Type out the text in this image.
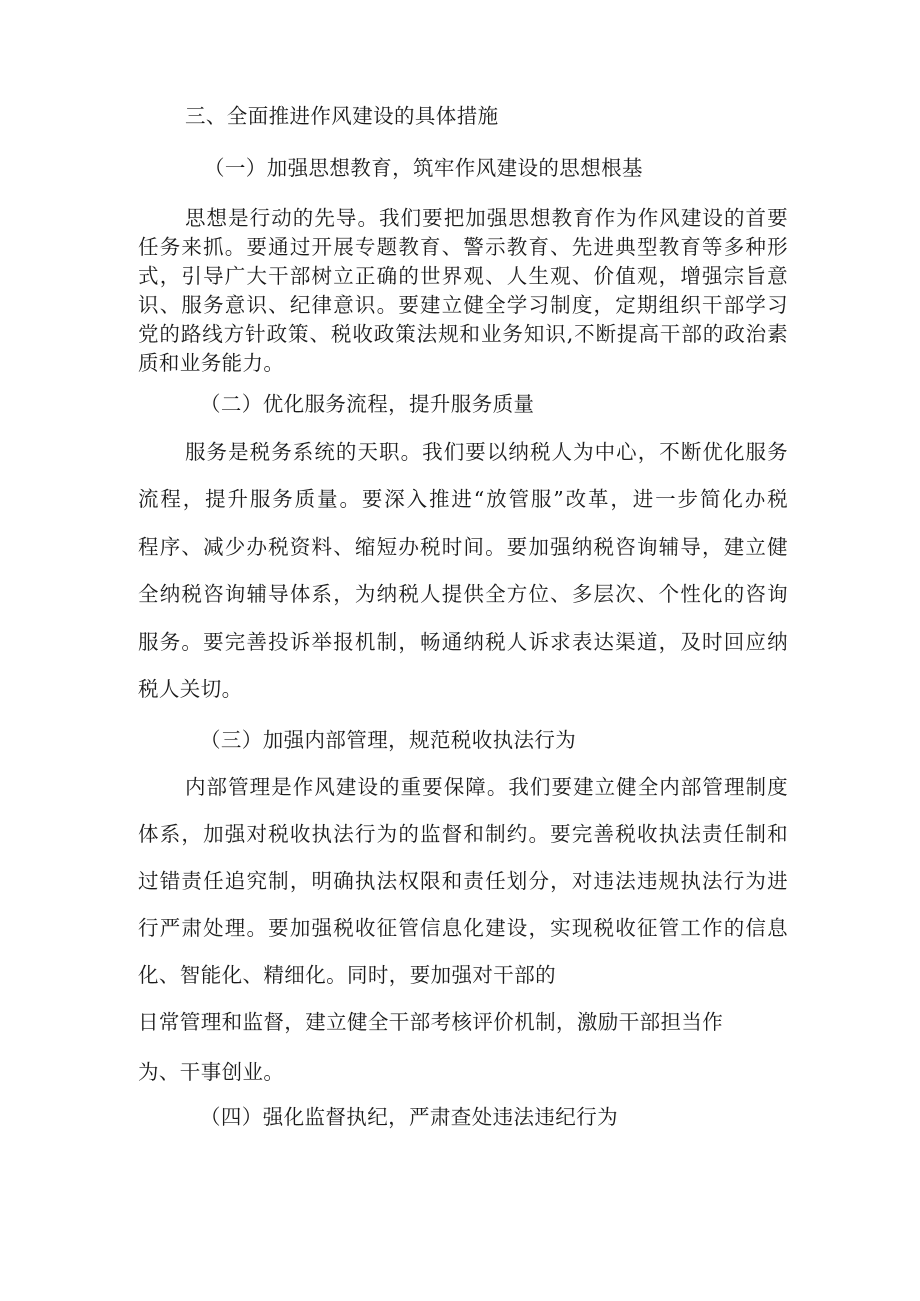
三、全面推进作风建设的具体措施

（一）加强思想教育，筑牢作风建设的思想根基

思想是行动的先导。我们要把加强思想教育作为作风建设的首要

任务来抓。要通过开展专题教育、警示教育、先进典型教育等多种形

式，引导广大干部树立正确的世界观、人生观、价值观，增强宗旨意

识、服务意识、纪律意识。要建立健全学习制度，定期组织干部学习

党的路线方针政策、税收政策法规和业务知识,不断提高干部的政治素

质和业务能力。

（二）优化服务流程，提升服务质量

服务是税务系统的天职。我们要以纳税人为中心，不断优化服务

流程，提升服务质量。要深入推进“放管服”改革，进一步简化办税

程序、减少办税资料、缩短办税时间。要加强纳税咨询辅导，建立健

全纳税咨询辅导体系，为纳税人提供全方位、多层次、个性化的咨询

服务。要完善投诉举报机制，畅通纳税人诉求表达渠道，及时回应纳

税人关切。

（三）加强内部管理，规范税收执法行为

内部管理是作风建设的重要保障。我们要建立健全内部管理制度

体系，加强对税收执法行为的监督和制约。要完善税收执法责任制和

过错责任追究制，明确执法权限和责任划分，对违法违规执法行为进

行严肃处理。要加强税收征管信息化建设，实现税收征管工作的信息

化、智能化、精细化。同时，要加强对干部的

日常管理和监督，建立健全干部考核评价机制，激励干部担当作

为、干事创业。

（四）强化监督执纪，严肃查处违法违纪行为
